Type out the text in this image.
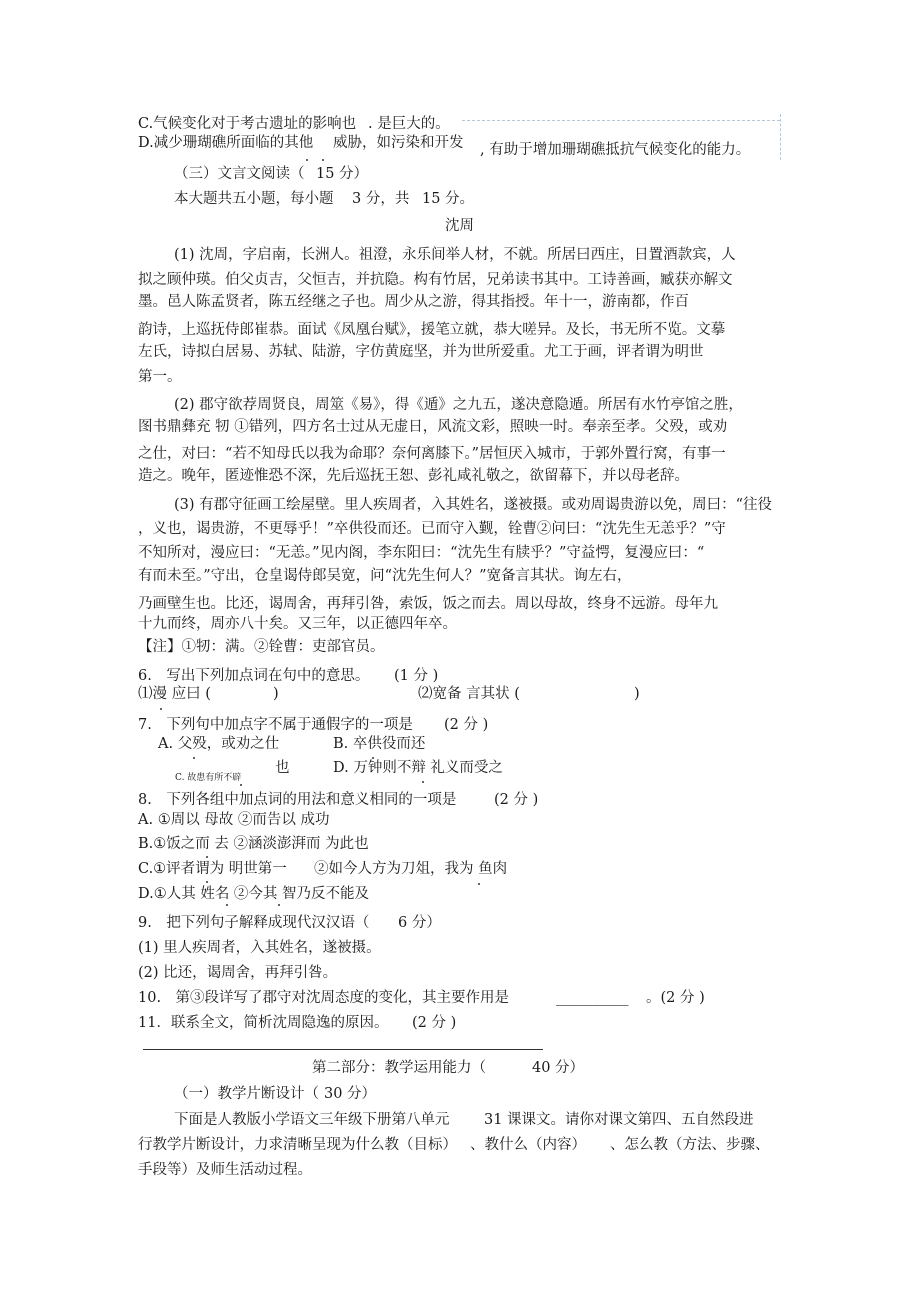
C.气候变化对于考古遗址的影响也 . 是巨大的。
D.减少珊瑚礁所面临的其他 威胁，如污染和开发 , 有助于增加珊瑚礁抵抗气候变化的能力。
（三）文言文阅读（ 15 分）
本大题共五小题，每小题 3 分，共 15 分。
沈周
(1) 沈周，字启南，长洲人。祖澄，永乐间举人材，不就。所居曰西庄，日置酒款宾，人
拟之顾仲瑛。伯父贞吉，父恒吉，并抗隐。构有竹居，兄弟读书其中。工诗善画，臧获亦解文
墨。邑人陈孟贤者，陈五经继之子也。周少从之游，得其指授。年十一，游南都，作百
韵诗，上巡抚侍郎崔恭。面试《凤凰台赋》，援笔立就，恭大嗟异。及长，书无所不览。文摹
左氏，诗拟白居易、苏轼、陆游，字仿黄庭坚，并为世所爱重。尤工于画，评者谓为明世
第一。
(2) 郡守欲荐周贤良，周筮《易》，得《遁》之九五，遂决意隐遁。所居有水竹亭馆之胜，
图书鼎彝充 牣 ①错列，四方名士过从无虚日，风流文彩，照映一时。奉亲至孝。父殁，或劝
之仕，对曰：“若不知母氏以我为命耶？奈何离膝下。”居恒厌入城市，于郭外置行窝，有事一
造之。晚年，匿迹惟恐不深，先后巡抚王恕、彭礼咸礼敬之，欲留幕下，并以母老辞。
(3) 有郡守征画工绘屋壁。里人疾周者，入其姓名，遂被摄。或劝周谒贵游以免，周曰：“往役
，义也，谒贵游，不更辱乎！”卒供役而还。已而守入觐，铨曹②问曰：“沈先生无恙乎？”守
不知所对，漫应曰：“无恙。”见内阁，李东阳曰：“沈先生有牍乎？”守益愕，复漫应曰：“
有而未至。”守出，仓皇谒侍郎吴宽，问“沈先生何人？”宽备言其状。询左右，
乃画壁生也。比还，谒周舍，再拜引咎，索饭，饭之而去。周以母故，终身不远游。母年九
十九而终，周亦八十矣。又三年，以正德四年卒。
【注】①牣：满。②铨曹：吏部官员。
6.　写出下列加点词在句中的意思。 (1 分 )
⑴漫 应曰 (	)	⑵宽备 言其状 (	)
7.　下列句中加点字不属于通假字的一项是 (2 分 )
A. 父殁，或劝之仕	B. 卒供役而还
C. 故患有所不辟
也	D. 万钟则不辩 礼义而受之
8.　下列各组中加点词的用法和意义相同的一项是	(2 分 )
A. ①周以 母故 ②而告以 成功
B.①饭之而 去 ②涵淡澎湃而 为此也
C.①评者谓为 明世第一 ②如今人方为刀俎，我为 鱼肉
D.①人其 姓名 ②今其 智乃反不能及
9.　把下列句子解释成现代汉汉语（ 6 分）
(1) 里人疾周者，入其姓名，遂被摄。
(2) 比还，谒周舍，再拜引咎。
10.　第③段详写了郡守对沈周态度的变化，其主要作用是	__________ 。(2 分 )
11．联系全文，简析沈周隐逸的原因。 (2 分 )
第二部分：教学运用能力（	40 分）
（一）教学片断设计（ 30 分）
下面是人教版小学语文三年级下册第八单元 31 课课文。请你对课文第四、五自然段进
行教学片断设计，力求清晰呈现为什么教（目标） 、教什么（内容） 、怎么教（方法、步骤、
手段等）及师生活动过程。
